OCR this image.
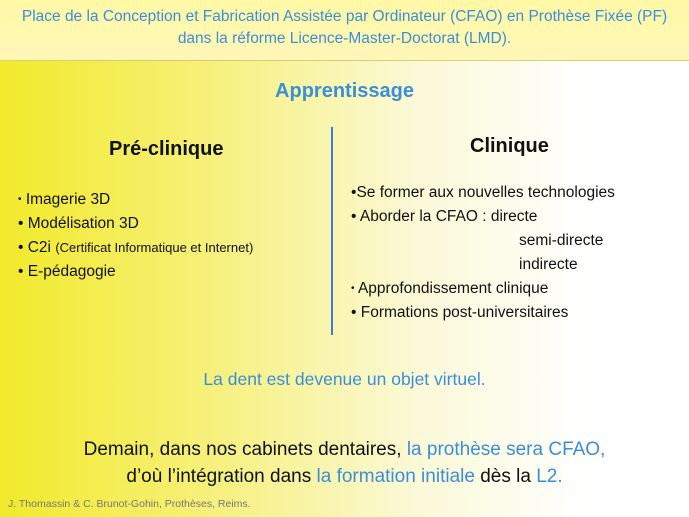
Place de la Conception et Fabrication Assistée par Ordinateur (CFAO) en Prothèse Fixée (PF) dans la réforme Licence-Master-Doctorat (LMD).
Apprentissage
Pré-clinique	Clinique
• Imagerie 3D
• Modélisation 3D
• C2i (Certificat Informatique et Internet)
• E-pédagogie
•Se former aux nouvelles technologies
• Aborder la CFAO : directe
semi-directe
indirecte
• Approfondissement clinique
• Formations post-universitaires
La dent est devenue un objet virtuel.
Demain, dans nos cabinets dentaires, la prothèse sera CFAO,
d’où l’intégration dans la formation initiale dès la L2.
J. Thomassin & C. Brunot-Gohin, Prothèses, Reims.
